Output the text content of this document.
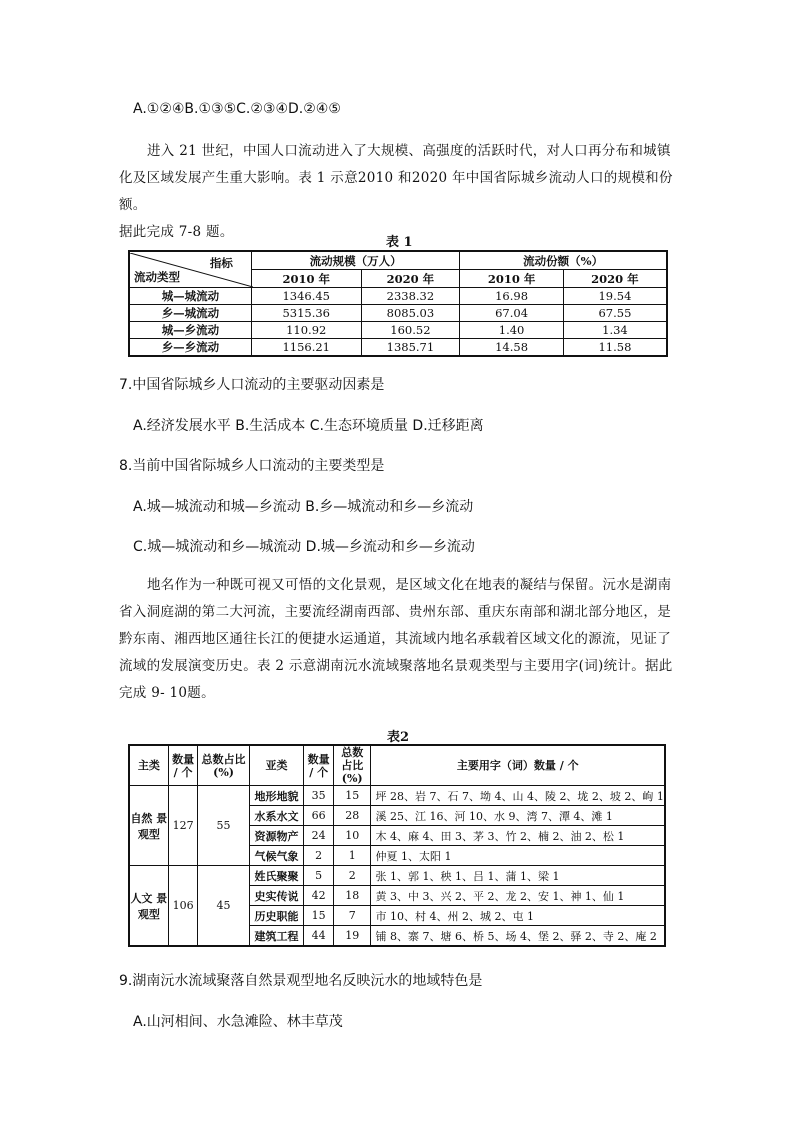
A.①②④B.①③⑤C.②③④D.②④⑤
进入 21 世纪，中国人口流动进入了大规模、高强度的活跃时代，对人口再分布和城镇
化及区域发展产生重大影响。表 1 示意2010 和2020 年中国省际城乡流动人口的规模和份额。
据此完成 7-8 题。
表 1
指标
流动类型	流动规模（万人）		流动份额（%）	
	2010 年	2020 年	2010 年	2020 年
城—城流动	1346.45	2338.32	16.98	19.54
乡—城流动	5315.36	8085.03	67.04	67.55
城—乡流动	110.92	160.52	1.40	1.34
乡—乡流动	1156.21	1385.71	14.58	11.58
7.中国省际城乡人口流动的主要驱动因素是
A.经济发展水平 B.生活成本 C.生态环境质量 D.迁移距离
8.当前中国省际城乡人口流动的主要类型是
A.城—城流动和城—乡流动 B.乡—城流动和乡—乡流动
C.城—城流动和乡—城流动 D.城—乡流动和乡—乡流动
地名作为一种既可视又可悟的文化景观，是区域文化在地表的凝结与保留。沅水是湖南
省入洞庭湖的第二大河流，主要流经湖南西部、贵州东部、重庆东南部和湖北部分地区，是
黔东南、湘西地区通往长江的便捷水运通道，其流域内地名承载着区域文化的源流，见证了
流域的发展演变历史。表 2 示意湖南沅水流域聚落地名景观类型与主要用字(词)统计。据此
完成 9- 10题。
表2
主类	数量 / 个	总数占比 (%)	亚类	数量 / 个	总数 占比 (%)	主要用字（词）数量 / 个
自然 景观型	127	55	地形地貌	35	15	坪 28、岩 7、石 7、坳 4、山 4、陵 2、垅 2、坡 2、岣 1
			水系水文	66	28	溪 25、江 16、河 10、水 9、湾 7、潭 4、滩 1
			资源物产	24	10	木 4、麻 4、田 3、茅 3、竹 2、楠 2、油 2、松 1
			气候气象	2	1	仲夏 1、太阳 1
人文 景观型	106	45	姓氏聚聚	5	2	张 1、郭 1、秧 1、吕 1、蒲 1、梁 1
			史实传说	42	18	黄 3、中 3、兴 2、平 2、龙 2、安 1、神 1、仙 1
			历史职能	15	7	市 10、村 4、州 2、城 2、屯 1
			建筑工程	44	19	铺 8、寨 7、塘 6、桥 5、场 4、堡 2、驿 2、寺 2、庵 2
9.湖南沅水流域聚落自然景观型地名反映沅水的地域特色是
A.山河相间、水急滩险、林丰草茂
